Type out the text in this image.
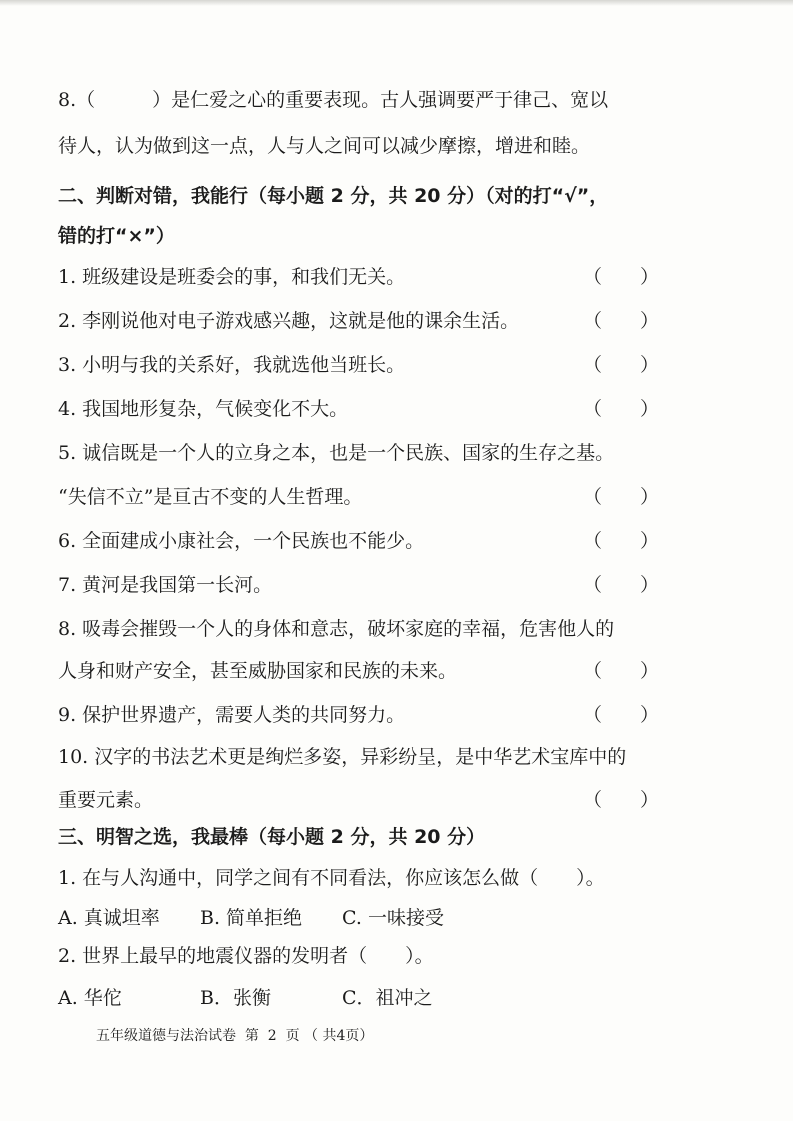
8.（　　　）是仁爱之心的重要表现。古人强调要严于律己、宽以
待人，认为做到这一点，人与人之间可以减少摩擦，增进和睦。
二、判断对错，我能行（每小题 2 分，共 20 分）（对的打“√”，
错的打“×”）
1. 班级建设是班委会的事，和我们无关。	（　　）
2. 李刚说他对电子游戏感兴趣，这就是他的课余生活。	（　　）
3. 小明与我的关系好，我就选他当班长。	（　　）
4. 我国地形复杂，气候变化不大。	（　　）
5. 诚信既是一个人的立身之本，也是一个民族、国家的生存之基。
“失信不立”是亘古不变的人生哲理。	（　　）
6. 全面建成小康社会，一个民族也不能少。	（　　）
7. 黄河是我国第一长河。	（　　）
8. 吸毒会摧毁一个人的身体和意志，破坏家庭的幸福，危害他人的
人身和财产安全，甚至威胁国家和民族的未来。	（　　）
9. 保护世界遗产，需要人类的共同努力。	（　　）
10. 汉字的书法艺术更是绚烂多姿，异彩纷呈，是中华艺术宝库中的
重要元素。	（　　）
三、明智之选，我最棒（每小题 2 分，共 20 分）
1. 在与人沟通中，同学之间有不同看法，你应该怎么做（　　）。
A. 真诚坦率 B. 简单拒绝 C. 一味接受
2. 世界上最早的地震仪器的发明者（　　）。
A. 华佗	B．张衡	C．祖冲之
五年级道德与法治试卷  第  2  页 （ 共4页）
